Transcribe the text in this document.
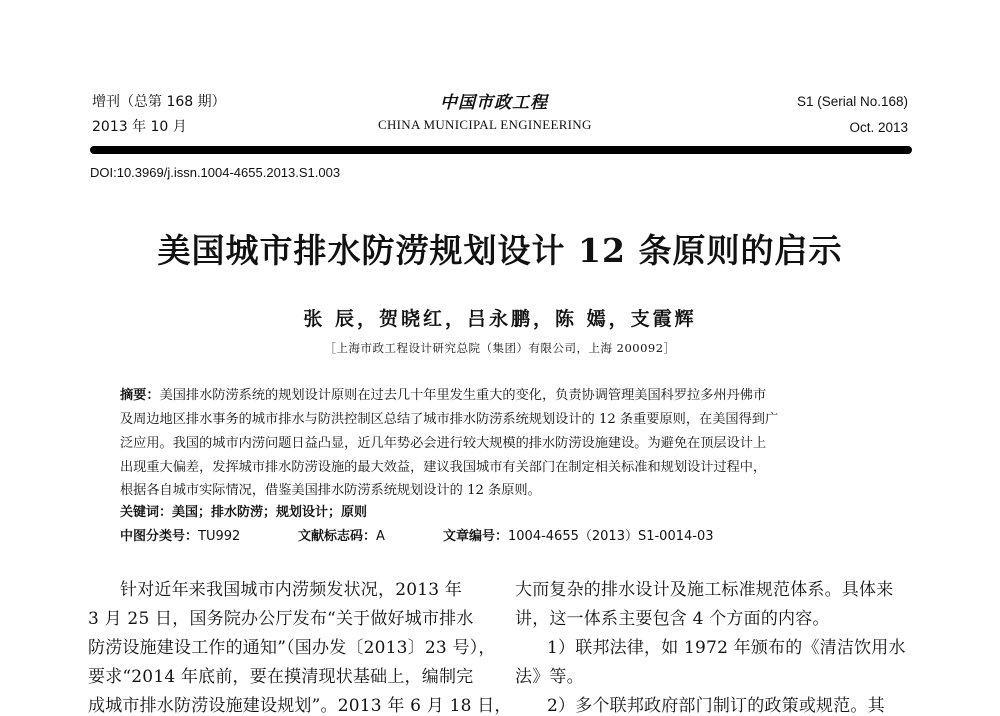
增刊（总第 168 期）
2013 年 10 月
中国市政工程
CHINA MUNICIPAL ENGINEERING
S1 (Serial No.168)
Oct. 2013
DOI:10.3969/j.issn.1004-4655.2013.S1.003
美国城市排水防涝规划设计 12 条原则的启示
张 辰，贺晓红，吕永鹏，陈 嫣，支霞辉
［上海市政工程设计研究总院（集团）有限公司，上海 200092］
摘要：美国排水防涝系统的规划设计原则在过去几十年里发生重大的变化，负责协调管理美国科罗拉多州丹佛市
及周边地区排水事务的城市排水与防洪控制区总结了城市排水防涝系统规划设计的 12 条重要原则，在美国得到广
泛应用。我国的城市内涝问题日益凸显，近几年势必会进行较大规模的排水防涝设施建设。为避免在顶层设计上
出现重大偏差，发挥城市排水防涝设施的最大效益，建议我国城市有关部门在制定相关标准和规划设计过程中，
根据各自城市实际情况，借鉴美国排水防涝系统规划设计的 12 条原则。
关键词：美国；排水防涝；规划设计；原则
中图分类号：TU992	文献标志码：A	文章编号：1004-4655（2013）S1-0014-03
针对近年来我国城市内涝频发状况，2013 年
3 月 25 日，国务院办公厅发布“关于做好城市排水
防涝设施建设工作的通知”（国办发〔2013〕23 号），
要求“2014 年底前，要在摸清现状基础上，编制完
成城市排水防涝设施建设规划”。2013 年 6 月 18 日，
大而复杂的排水设计及施工标准规范体系。具体来
讲，这一体系主要包含 4 个方面的内容。
1）联邦法律，如 1972 年颁布的《清洁饮用水
法》等。
2）多个联邦政府部门制订的政策或规范。其
